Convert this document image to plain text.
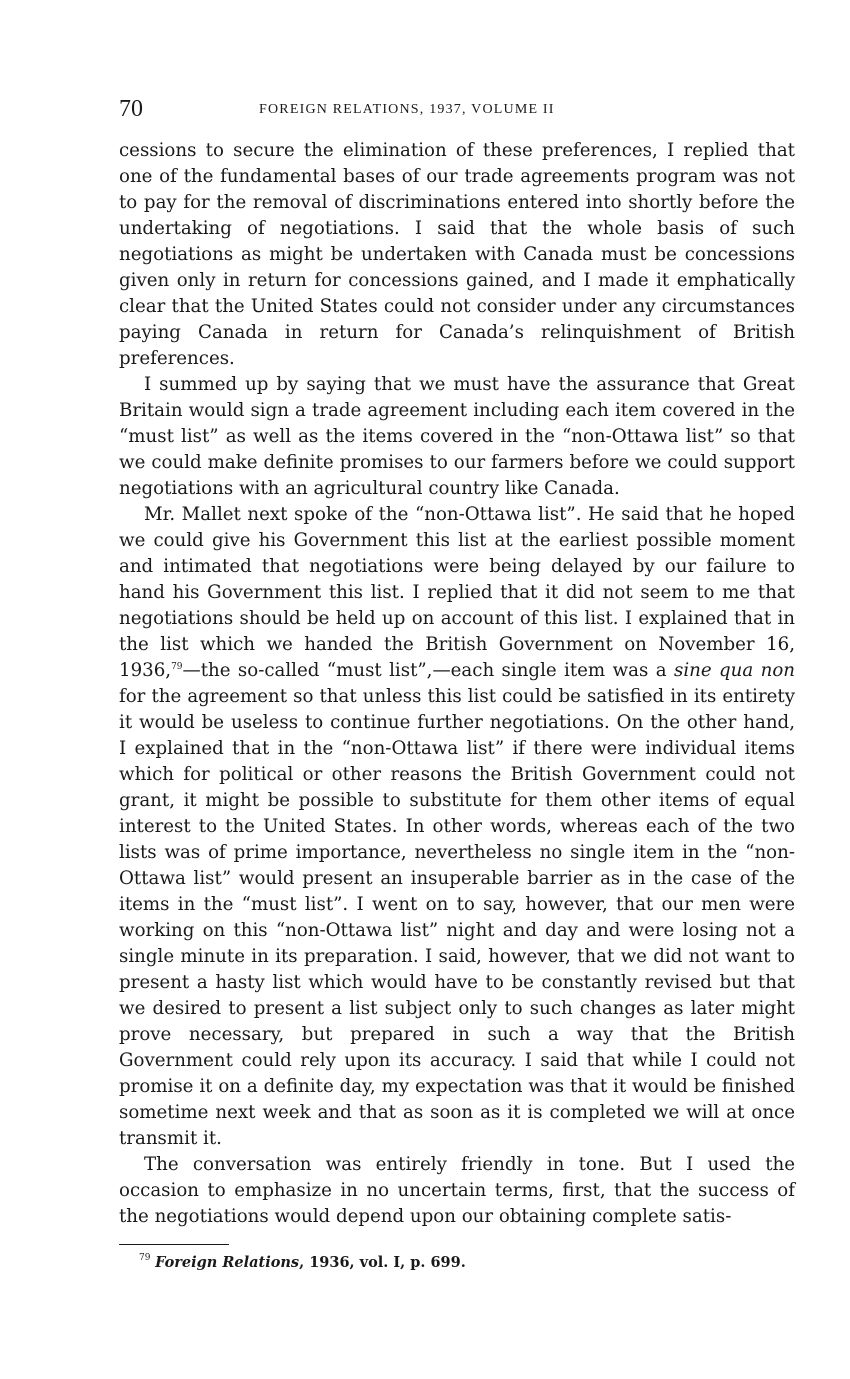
70	FOREIGN RELATIONS, 1937, VOLUME II

cessions to secure the elimination of these preferences, I replied that one of the fundamental bases of our trade agreements program was not to pay for the removal of discriminations entered into shortly before the undertaking of negotiations. I said that the whole basis of such negotiations as might be undertaken with Canada must be concessions given only in return for concessions gained, and I made it emphatically clear that the United States could not consider under any circumstances paying Canada in return for Canada’s relinquishment of British preferences.

I summed up by saying that we must have the assurance that Great Britain would sign a trade agreement including each item covered in the “must list” as well as the items covered in the “non-Ottawa list” so that we could make definite promises to our farmers before we could support negotiations with an agricultural country like Canada.

Mr. Mallet next spoke of the “non-Ottawa list”. He said that he hoped we could give his Government this list at the earliest possible moment and intimated that negotiations were being delayed by our failure to hand his Government this list. I replied that it did not seem to me that negotiations should be held up on account of this list. I explained that in the list which we handed the British Government on November 16, 1936,79—the so-called “must list”,—each single item was a sine qua non for the agreement so that unless this list could be satisfied in its entirety it would be useless to continue further negotiations. On the other hand, I explained that in the “non-Ottawa list” if there were individual items which for political or other reasons the British Government could not grant, it might be possible to substitute for them other items of equal interest to the United States. In other words, whereas each of the two lists was of prime importance, nevertheless no single item in the “non-Ottawa list” would present an insuperable barrier as in the case of the items in the “must list”. I went on to say, however, that our men were working on this “non-Ottawa list” night and day and were losing not a single minute in its preparation. I said, however, that we did not want to present a hasty list which would have to be constantly revised but that we desired to present a list subject only to such changes as later might prove necessary, but prepared in such a way that the British Government could rely upon its accuracy. I said that while I could not promise it on a definite day, my expectation was that it would be finished sometime next week and that as soon as it is completed we will at once transmit it.

The conversation was entirely friendly in tone. But I used the occasion to emphasize in no uncertain terms, first, that the success of the negotiations would depend upon our obtaining complete satis-

$^{79}$ Foreign Relations, 1936, vol. I, p. 699.
